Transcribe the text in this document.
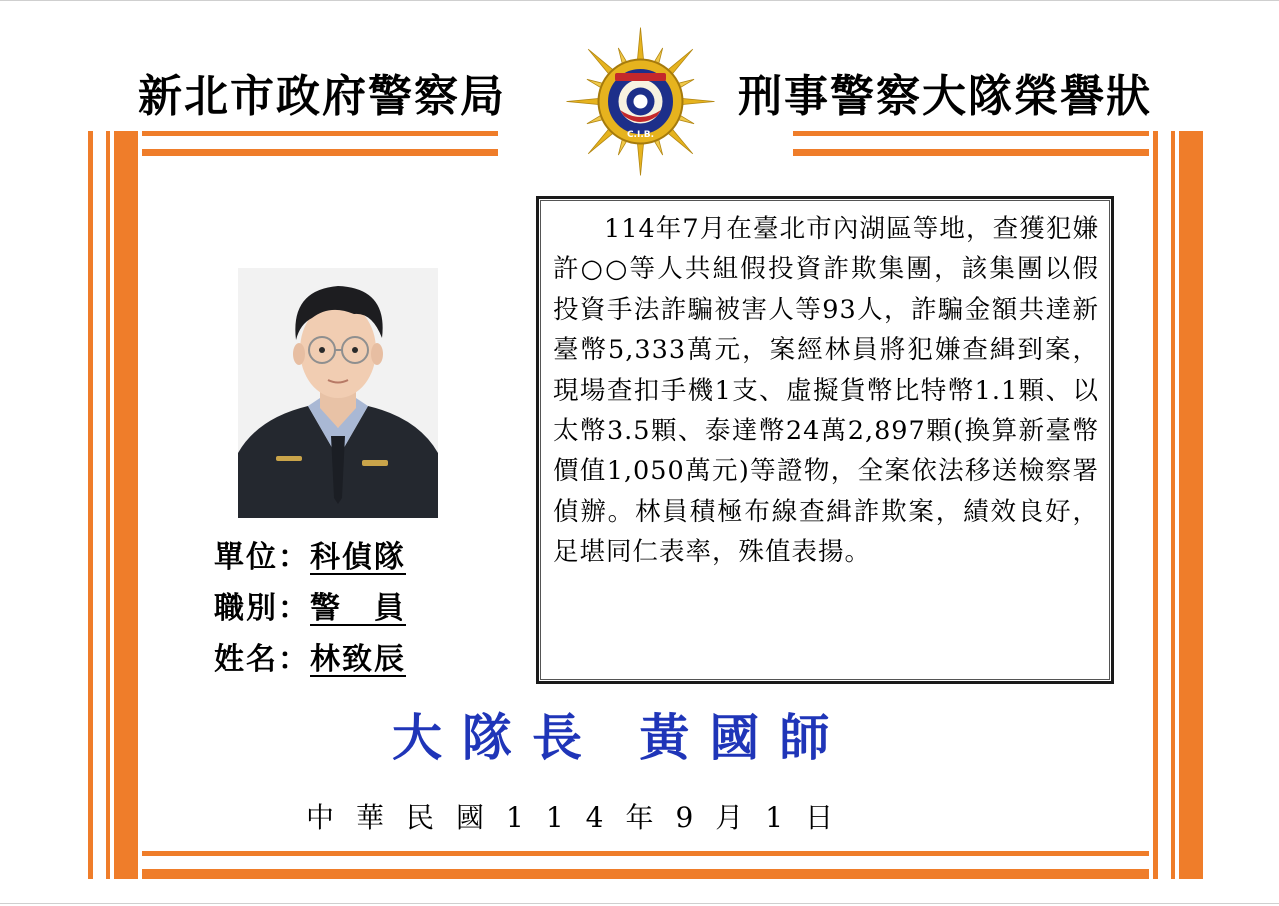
新北市政府警察局	刑事警察大隊榮譽狀
C.I.B.
單位： 科偵隊
職別： 警　員
姓名： 林致辰
114年7月在臺北市內湖區等地，查獲犯嫌許○○等人共組假投資詐欺集團，該集團以假投資手法詐騙被害人等93人，詐騙金額共達新臺幣5,333萬元，案經林員將犯嫌查緝到案，現場查扣手機1支、虛擬貨幣比特幣1.1顆、以太幣3.5顆、泰達幣24萬2,897顆(換算新臺幣價值1,050萬元)等證物，全案依法移送檢察署偵辦。林員積極布線查緝詐欺案，績效良好，足堪同仁表率，殊值表揚。
大隊長 黃國師
中華民國114年9月1日
